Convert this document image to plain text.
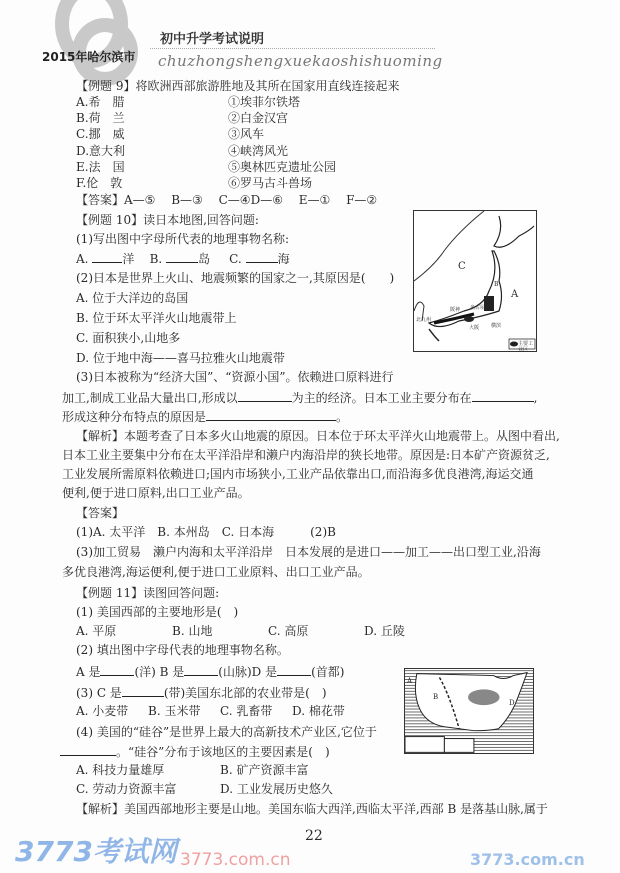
初中升学考试说明
2015年哈尔滨市 chuzhongshengxuekaoshishuoming
【例题 9】将欧洲西部旅游胜地及其所在国家用直线连接起来
A.希　腊	①埃菲尔铁塔
B.荷　兰	②白金汉宫
C.挪　威	③风车
D.意大利	④峡湾风光
E.法　国	⑤奥林匹克遗址公园
F.伦　敦	⑥罗马古斗兽场
【答案】A—⑤　 B—③　 C—④D—⑥　 E—①　 F—②
【例题 10】读日本地图,回答问题:
(1)写出图中字母所代表的地理事物名称:
A.	洋 B.	岛 C.	海
(2)日本是世界上火山、地震频繁的国家之一,其原因是(　　)
A. 位于大洋边的岛国
B. 位于环太平洋火山地震带上
C. 面积狭小,山地多
D. 位于地中海——喜马拉雅火山地震带
(3)日本被称为“经济大国”、“资源小国”。依赖进口原料进行
加工,制成工业品大量出口,形成以	为主的经济。日本工业主要分布在	,
形成这种分布特点的原因是	。
【解析】本题考查了日本多火山地震的原因。日本位于环太平洋火山地震带上。从图中看出,
日本工业主要集中分布在太平洋沿岸和濑户内海沿岸的狭长地带。原因是:日本矿产资源贫乏,
工业发展所需原料依赖进口;国内市场狭小,工业产品依靠出口,而沿海多优良港湾,海运交通
便利,便于进口原料,出口工业产品。
【答案】
(1)A. 太平洋　B. 本州岛　C. 日本海　　　(2)B
(3)加工贸易　濑户内海和太平洋沿岸　日本发展的是进口——加工——出口型工业,沿海
多优良港湾,海运便利,便于进口工业原料、出口工业产品。
C
A
B
北九州
名古屋
大阪 横滨
阪神
主要工业区
【例题 11】读图回答问题:
(1) 美国西部的主要地形是(　)
A. 平原	B. 山地	C. 高原	D. 丘陵
(2) 填出图中字母代表的地理事物名称。
A 是	(洋) B 是	(山脉)D 是	(首都)
(3) C 是	(带)美国东北部的农业带是(　)
A. 小麦带 B. 玉米带 C. 乳畜带 D. 棉花带
(4) 美国的“硅谷”是世界上最大的高新技术产业区,它位于
。“硅谷”分布于该地区的主要因素是(　)
A. 科技力量雄厚	B. 矿产资源丰富
C. 劳动力资源丰富	D. 工业发展历史悠久
【解析】美国西部地形主要是山地。美国东临大西洋,西临太平洋,西部 B 是落基山脉,属于
A
B
D
22
3773考试网 3773.com.cn	3773.com.cn
